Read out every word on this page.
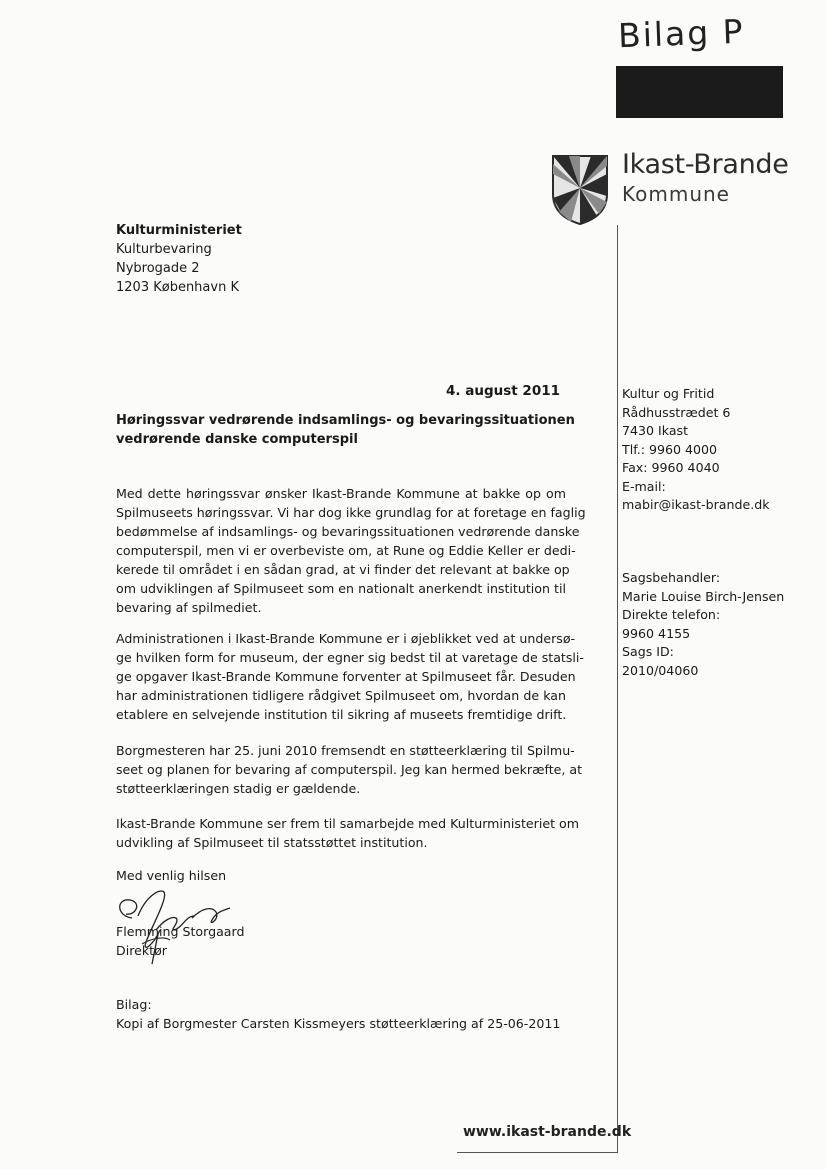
Bilag P
Ikast-Brande
Kommune
Kulturministeriet
Kulturbevaring
Nybrogade 2
1203 København K
4. august 2011
Høringssvar vedrørende indsamlings- og bevaringssituationen
vedrørende danske computerspil
Med dette høringssvar ønsker Ikast-Brande Kommune at bakke op om
Spilmuseets høringssvar. Vi har dog ikke grundlag for at foretage en faglig
bedømmelse af indsamlings- og bevaringssituationen vedrørende danske
computerspil, men vi er overbeviste om, at Rune og Eddie Keller er dedi-
kerede til området i en sådan grad, at vi finder det relevant at bakke op
om udviklingen af Spilmuseet som en nationalt anerkendt institution til
bevaring af spilmediet.
Administrationen i Ikast-Brande Kommune er i øjeblikket ved at undersø-
ge hvilken form for museum, der egner sig bedst til at varetage de statsli-
ge opgaver Ikast-Brande Kommune forventer at Spilmuseet får. Desuden
har administrationen tidligere rådgivet Spilmuseet om, hvordan de kan
etablere en selvejende institution til sikring af museets fremtidige drift.
Borgmesteren har 25. juni 2010 fremsendt en støtteerklæring til Spilmu-
seet og planen for bevaring af computerspil. Jeg kan hermed bekræfte, at
støtteerklæringen stadig er gældende.
Ikast-Brande Kommune ser frem til samarbejde med Kulturministeriet om
udvikling af Spilmuseet til statsstøttet institution.
Med venlig hilsen
Flemming Storgaard
Direktør
Bilag:
Kopi af Borgmester Carsten Kissmeyers støtteerklæring af 25-06-2011
Kultur og Fritid
Rådhusstrædet 6
7430 Ikast
Tlf.: 9960 4000
Fax: 9960 4040
E-mail:
mabir@ikast-brande.dk
Sagsbehandler:
Marie Louise Birch-Jensen
Direkte telefon:
9960 4155
Sags ID:
2010/04060
www.ikast-brande.dk
